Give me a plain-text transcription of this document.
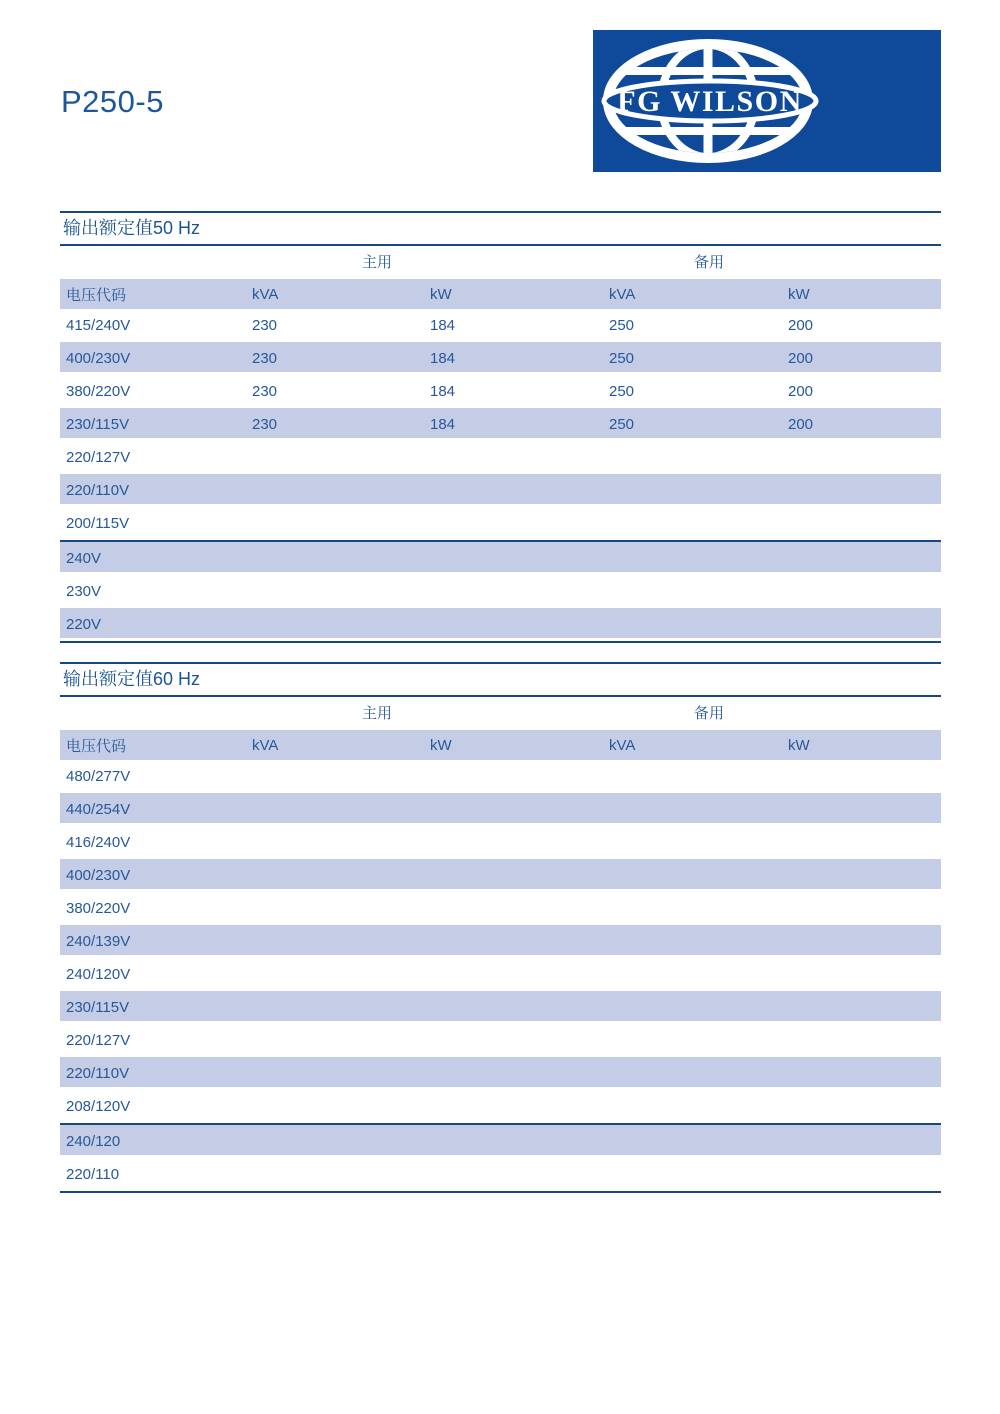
P250-5	FG WILSON
输出额定值50 Hz
主用	备用
电压代码	kVA	kW	kVA	kW
415/240V	230	184	250	200
400/230V	230	184	250	200
380/220V	230	184	250	200
230/115V	230	184	250	200
220/127V
220/110V
200/115V
240V
230V
220V
输出额定值60 Hz
主用	备用
电压代码	kVA	kW	kVA	kW
480/277V
440/254V
416/240V
400/230V
380/220V
240/139V
240/120V
230/115V
220/127V
220/110V
208/120V
240/120
220/110
